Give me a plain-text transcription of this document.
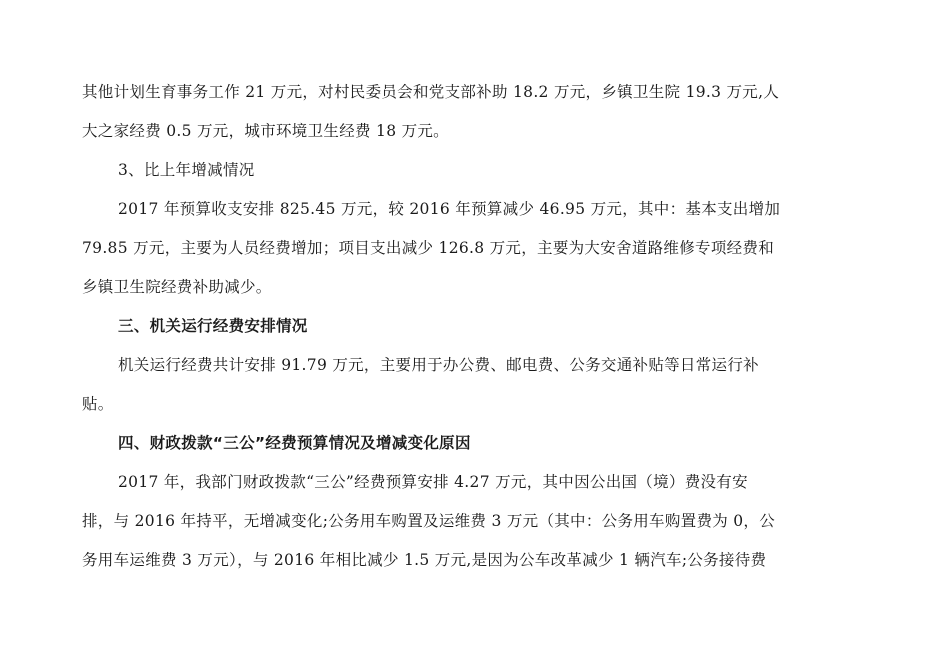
其他计划生育事务工作 21 万元，对村民委员会和党支部补助 18.2 万元，乡镇卫生院 19.3 万元,人
大之家经费 0.5 万元，城市环境卫生经费 18 万元。
3、比上年增减情况
2017 年预算收支安排 825.45 万元，较 2016 年预算减少 46.95 万元，其中：基本支出增加
79.85 万元，主要为人员经费增加；项目支出减少 126.8 万元，主要为大安舍道路维修专项经费和
乡镇卫生院经费补助减少。
三、机关运行经费安排情况
机关运行经费共计安排 91.79 万元，主要用于办公费、邮电费、公务交通补贴等日常运行补
贴。
四、财政拨款“三公”经费预算情况及增减变化原因
2017 年，我部门财政拨款“三公”经费预算安排 4.27 万元，其中因公出国（境）费没有安
排，与 2016 年持平，无增减变化;公务用车购置及运维费 3 万元（其中：公务用车购置费为 0，公
务用车运维费 3 万元），与 2016 年相比减少 1.5 万元,是因为公车改革减少 1 辆汽车;公务接待费
